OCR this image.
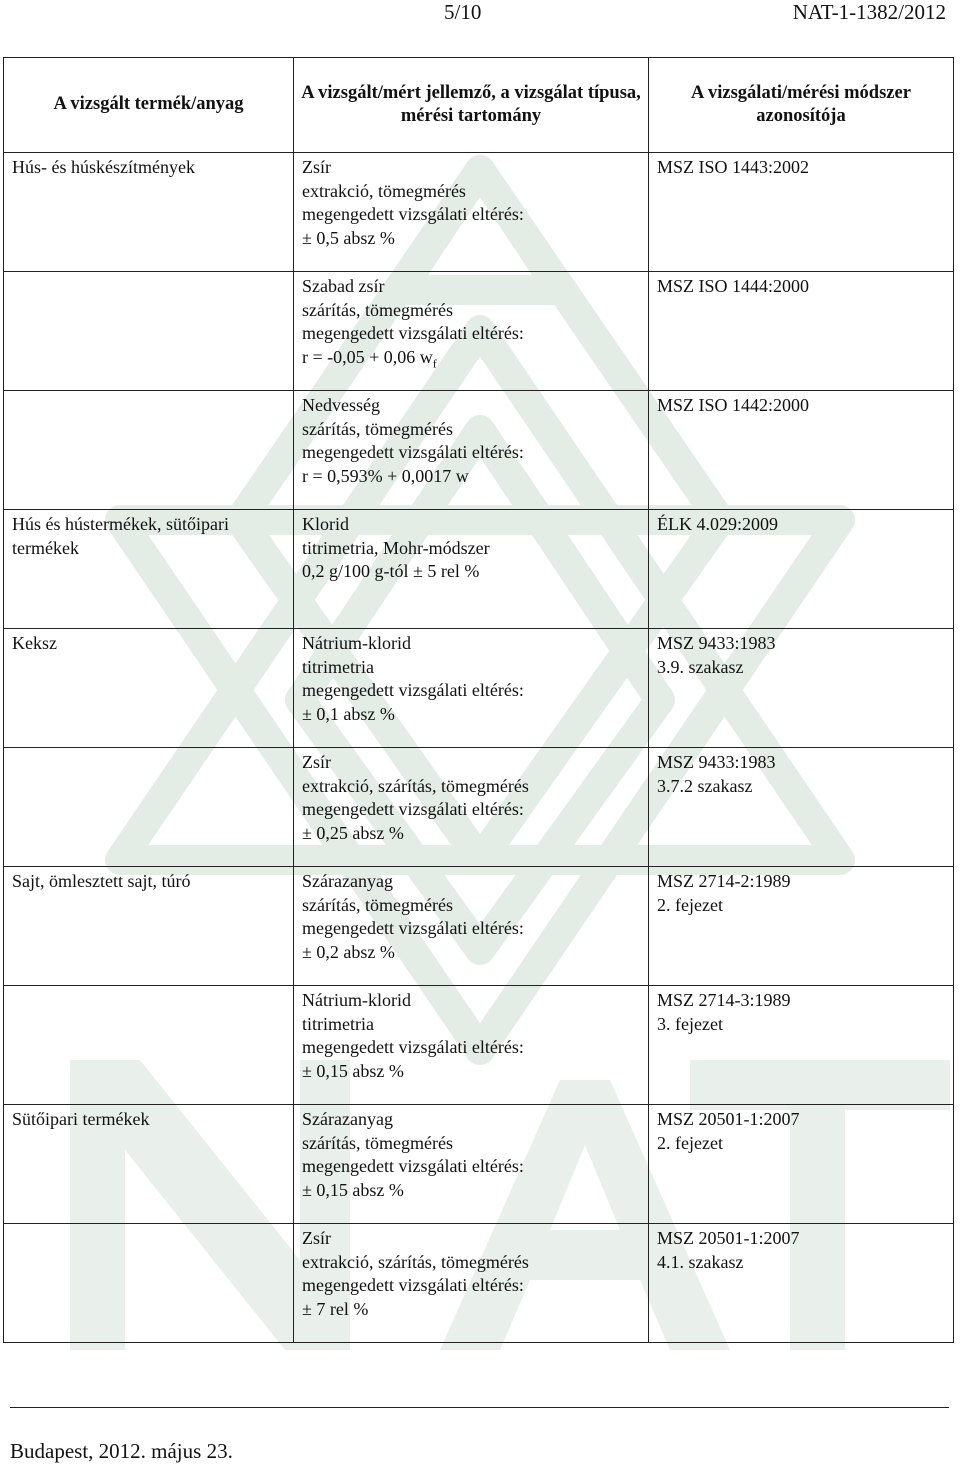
5/10	NAT-1-1382/2012
A vizsgált termék/anyag	A vizsgált/mért jellemző, a vizsgálat típusa, mérési tartomány	A vizsgálati/mérési módszer azonosítója

Hús- és húskészítmények	Zsír
extrakció, tömegmérés
megengedett vizsgálati eltérés:
± 0,5 absz %	MSZ ISO 1443:2002

	Szabad zsír
szárítás, tömegmérés
megengedett vizsgálati eltérés:
r = -0,05 + 0,06 $w_f$	MSZ ISO 1444:2000

	Nedvesség
szárítás, tömegmérés
megengedett vizsgálati eltérés:
r = 0,593% + 0,0017 w	MSZ ISO 1442:2000

Hús és hústermékek, sütőipari termékek	Klorid
titrimetria, Mohr-módszer
0,2 g/100 g-tól ± 5 rel %	ÉLK 4.029:2009

Keksz	Nátrium-klorid
titrimetria
megengedett vizsgálati eltérés:
± 0,1 absz %	MSZ 9433:1983
3.9. szakasz

	Zsír
extrakció, szárítás, tömegmérés
megengedett vizsgálati eltérés:
± 0,25 absz %	MSZ 9433:1983
3.7.2 szakasz

Sajt, ömlesztett sajt, túró	Szárazanyag
szárítás, tömegmérés
megengedett vizsgálati eltérés:
± 0,2 absz %	MSZ 2714-2:1989
2. fejezet

	Nátrium-klorid
titrimetria
megengedett vizsgálati eltérés:
± 0,15 absz %	MSZ 2714-3:1989
3. fejezet

Sütőipari termékek	Szárazanyag
szárítás, tömegmérés
megengedett vizsgálati eltérés:
± 0,15 absz %	MSZ 20501-1:2007
2. fejezet

	Zsír
extrakció, szárítás, tömegmérés
megengedett vizsgálati eltérés:
± 7 rel %	MSZ 20501-1:2007
4.1. szakasz
Budapest, 2012. május 23.
